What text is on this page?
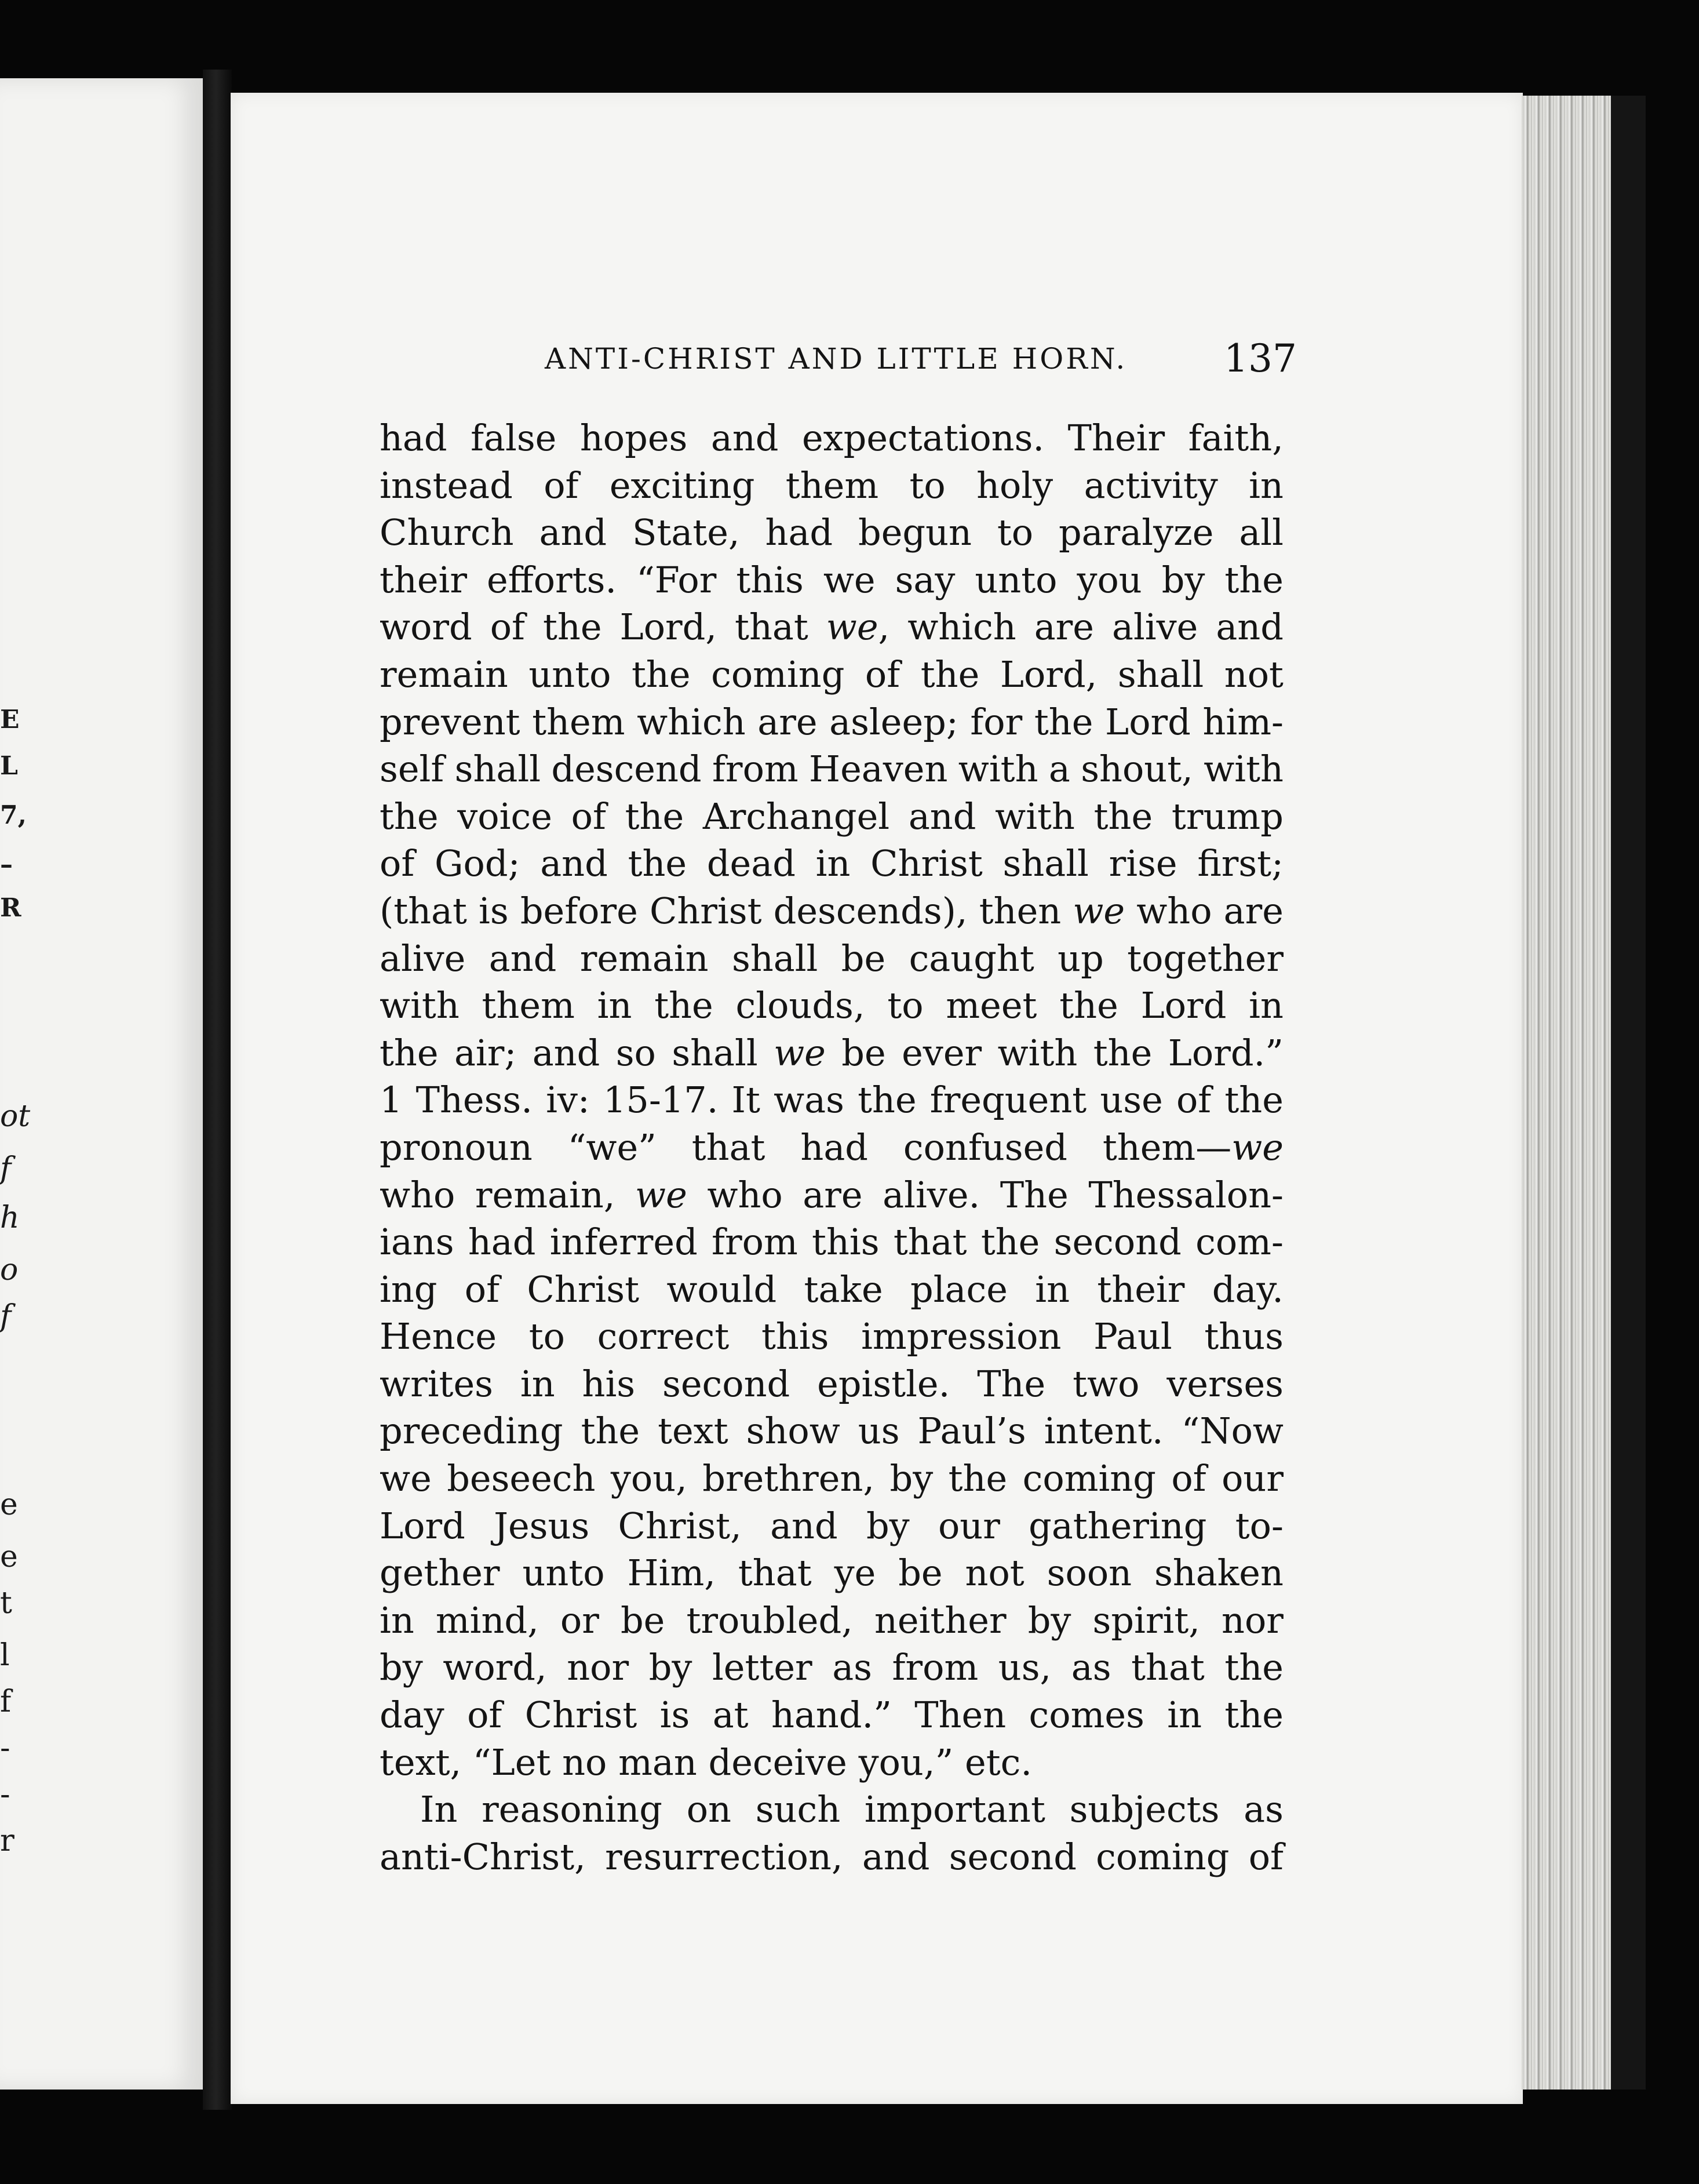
E
L
7,
–
R
ot
f
h
o
f
e
e
t
l
f
-
-
r
ANTI-CHRIST AND LITTLE HORN.	137
had false hopes and expectations. Their faith,
instead of exciting them to holy activity in
Church and State, had begun to paralyze all
their efforts. “For this we say unto you by the
word of the Lord, that we, which are alive and
remain unto the coming of the Lord, shall not
prevent them which are asleep; for the Lord him-
self shall descend from Heaven with a shout, with
the voice of the Archangel and with the trump
of God; and the dead in Christ shall rise first;
(that is before Christ descends), then we who are
alive and remain shall be caught up together
with them in the clouds, to meet the Lord in
the air; and so shall we be ever with the Lord.”
1 Thess. iv: 15-17. It was the frequent use of the
pronoun “we” that had confused them—we
who remain, we who are alive. The Thessalon-
ians had inferred from this that the second com-
ing of Christ would take place in their day.
Hence to correct this impression Paul thus
writes in his second epistle. The two verses
preceding the text show us Paul’s intent. “Now
we beseech you, brethren, by the coming of our
Lord Jesus Christ, and by our gathering to-
gether unto Him, that ye be not soon shaken
in mind, or be troubled, neither by spirit, nor
by word, nor by letter as from us, as that the
day of Christ is at hand.” Then comes in the
text,
“Let
no
man
deceive
you,”
etc.
In reasoning on such important subjects as
anti-Christ, resurrection, and second coming of
